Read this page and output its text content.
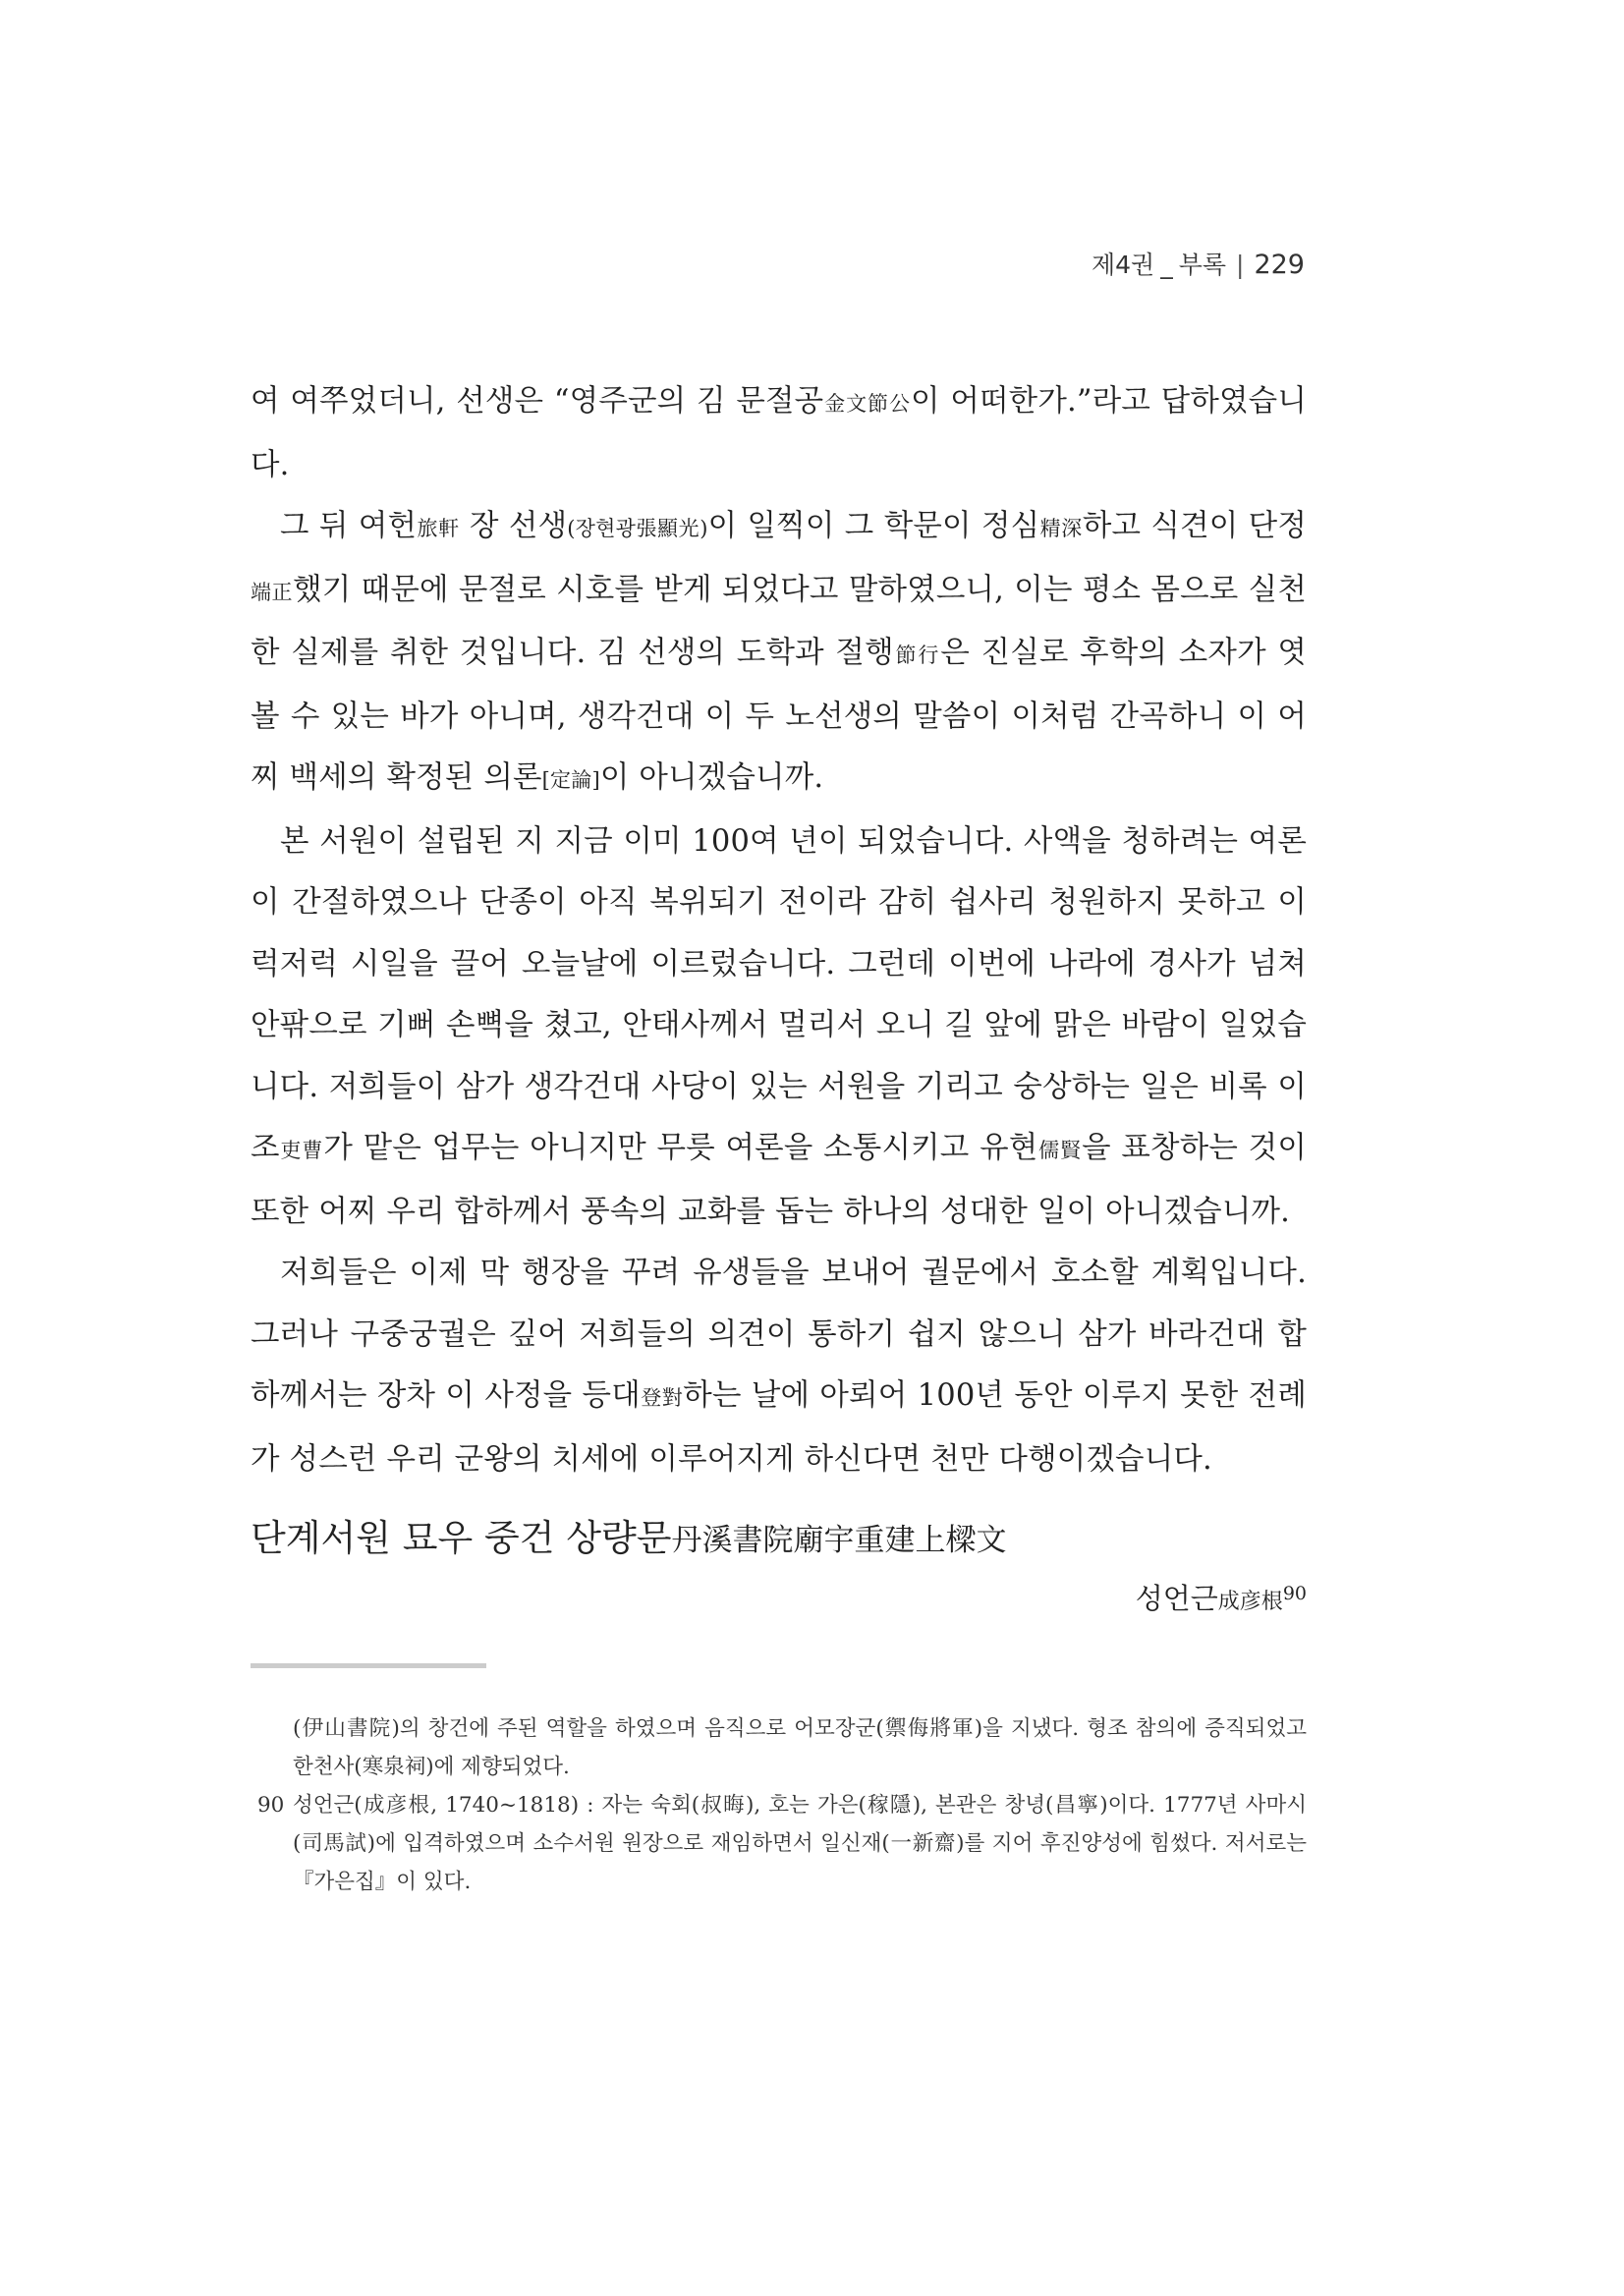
제4권 _ 부록 | 229

여 여쭈었더니, 선생은 “영주군의 김 문절공金文節公이 어떠한가.”라고 답하였습니다.

그 뒤 여헌旅軒 장 선생(장현광張顯光)이 일찍이 그 학문이 정심精深하고 식견이 단정端正했기 때문에 문절로 시호를 받게 되었다고 말하였으니, 이는 평소 몸으로 실천한 실제를 취한 것입니다. 김 선생의 도학과 절행節行은 진실로 후학의 소자가 엿볼 수 있는 바가 아니며, 생각건대 이 두 노선생의 말씀이 이처럼 간곡하니 이 어찌 백세의 확정된 의론[定論]이 아니겠습니까.

본 서원이 설립된 지 지금 이미 100여 년이 되었습니다. 사액을 청하려는 여론이 간절하였으나 단종이 아직 복위되기 전이라 감히 쉽사리 청원하지 못하고 이럭저럭 시일을 끌어 오늘날에 이르렀습니다. 그런데 이번에 나라에 경사가 넘쳐 안팎으로 기뻐 손뼉을 쳤고, 안태사께서 멀리서 오니 길 앞에 맑은 바람이 일었습니다. 저희들이 삼가 생각건대 사당이 있는 서원을 기리고 숭상하는 일은 비록 이조吏曹가 맡은 업무는 아니지만 무릇 여론을 소통시키고 유현儒賢을 표창하는 것이 또한 어찌 우리 합하께서 풍속의 교화를 돕는 하나의 성대한 일이 아니겠습니까.

저희들은 이제 막 행장을 꾸려 유생들을 보내어 궐문에서 호소할 계획입니다. 그러나 구중궁궐은 깊어 저희들의 의견이 통하기 쉽지 않으니 삼가 바라건대 합하께서는 장차 이 사정을 등대登對하는 날에 아뢰어 100년 동안 이루지 못한 전례가 성스런 우리 군왕의 치세에 이루어지게 하신다면 천만 다행이겠습니다.

단계서원 묘우 중건 상량문丹溪書院廟宇重建上樑文
성언근成彦根$^{90}$

(伊山書院)의 창건에 주된 역할을 하였으며 음직으로 어모장군(禦侮將軍)을 지냈다. 형조 참의에 증직되었고 한천사(寒泉祠)에 제향되었다.

90 성언근(成彦根, 1740~1818) : 자는 숙회(叔晦), 호는 가은(稼隱), 본관은 창녕(昌寧)이다. 1777년 사마시(司馬試)에 입격하였으며 소수서원 원장으로 재임하면서 일신재(一新齋)를 지어 후진양성에 힘썼다. 저서로는 『가은집』이 있다.
